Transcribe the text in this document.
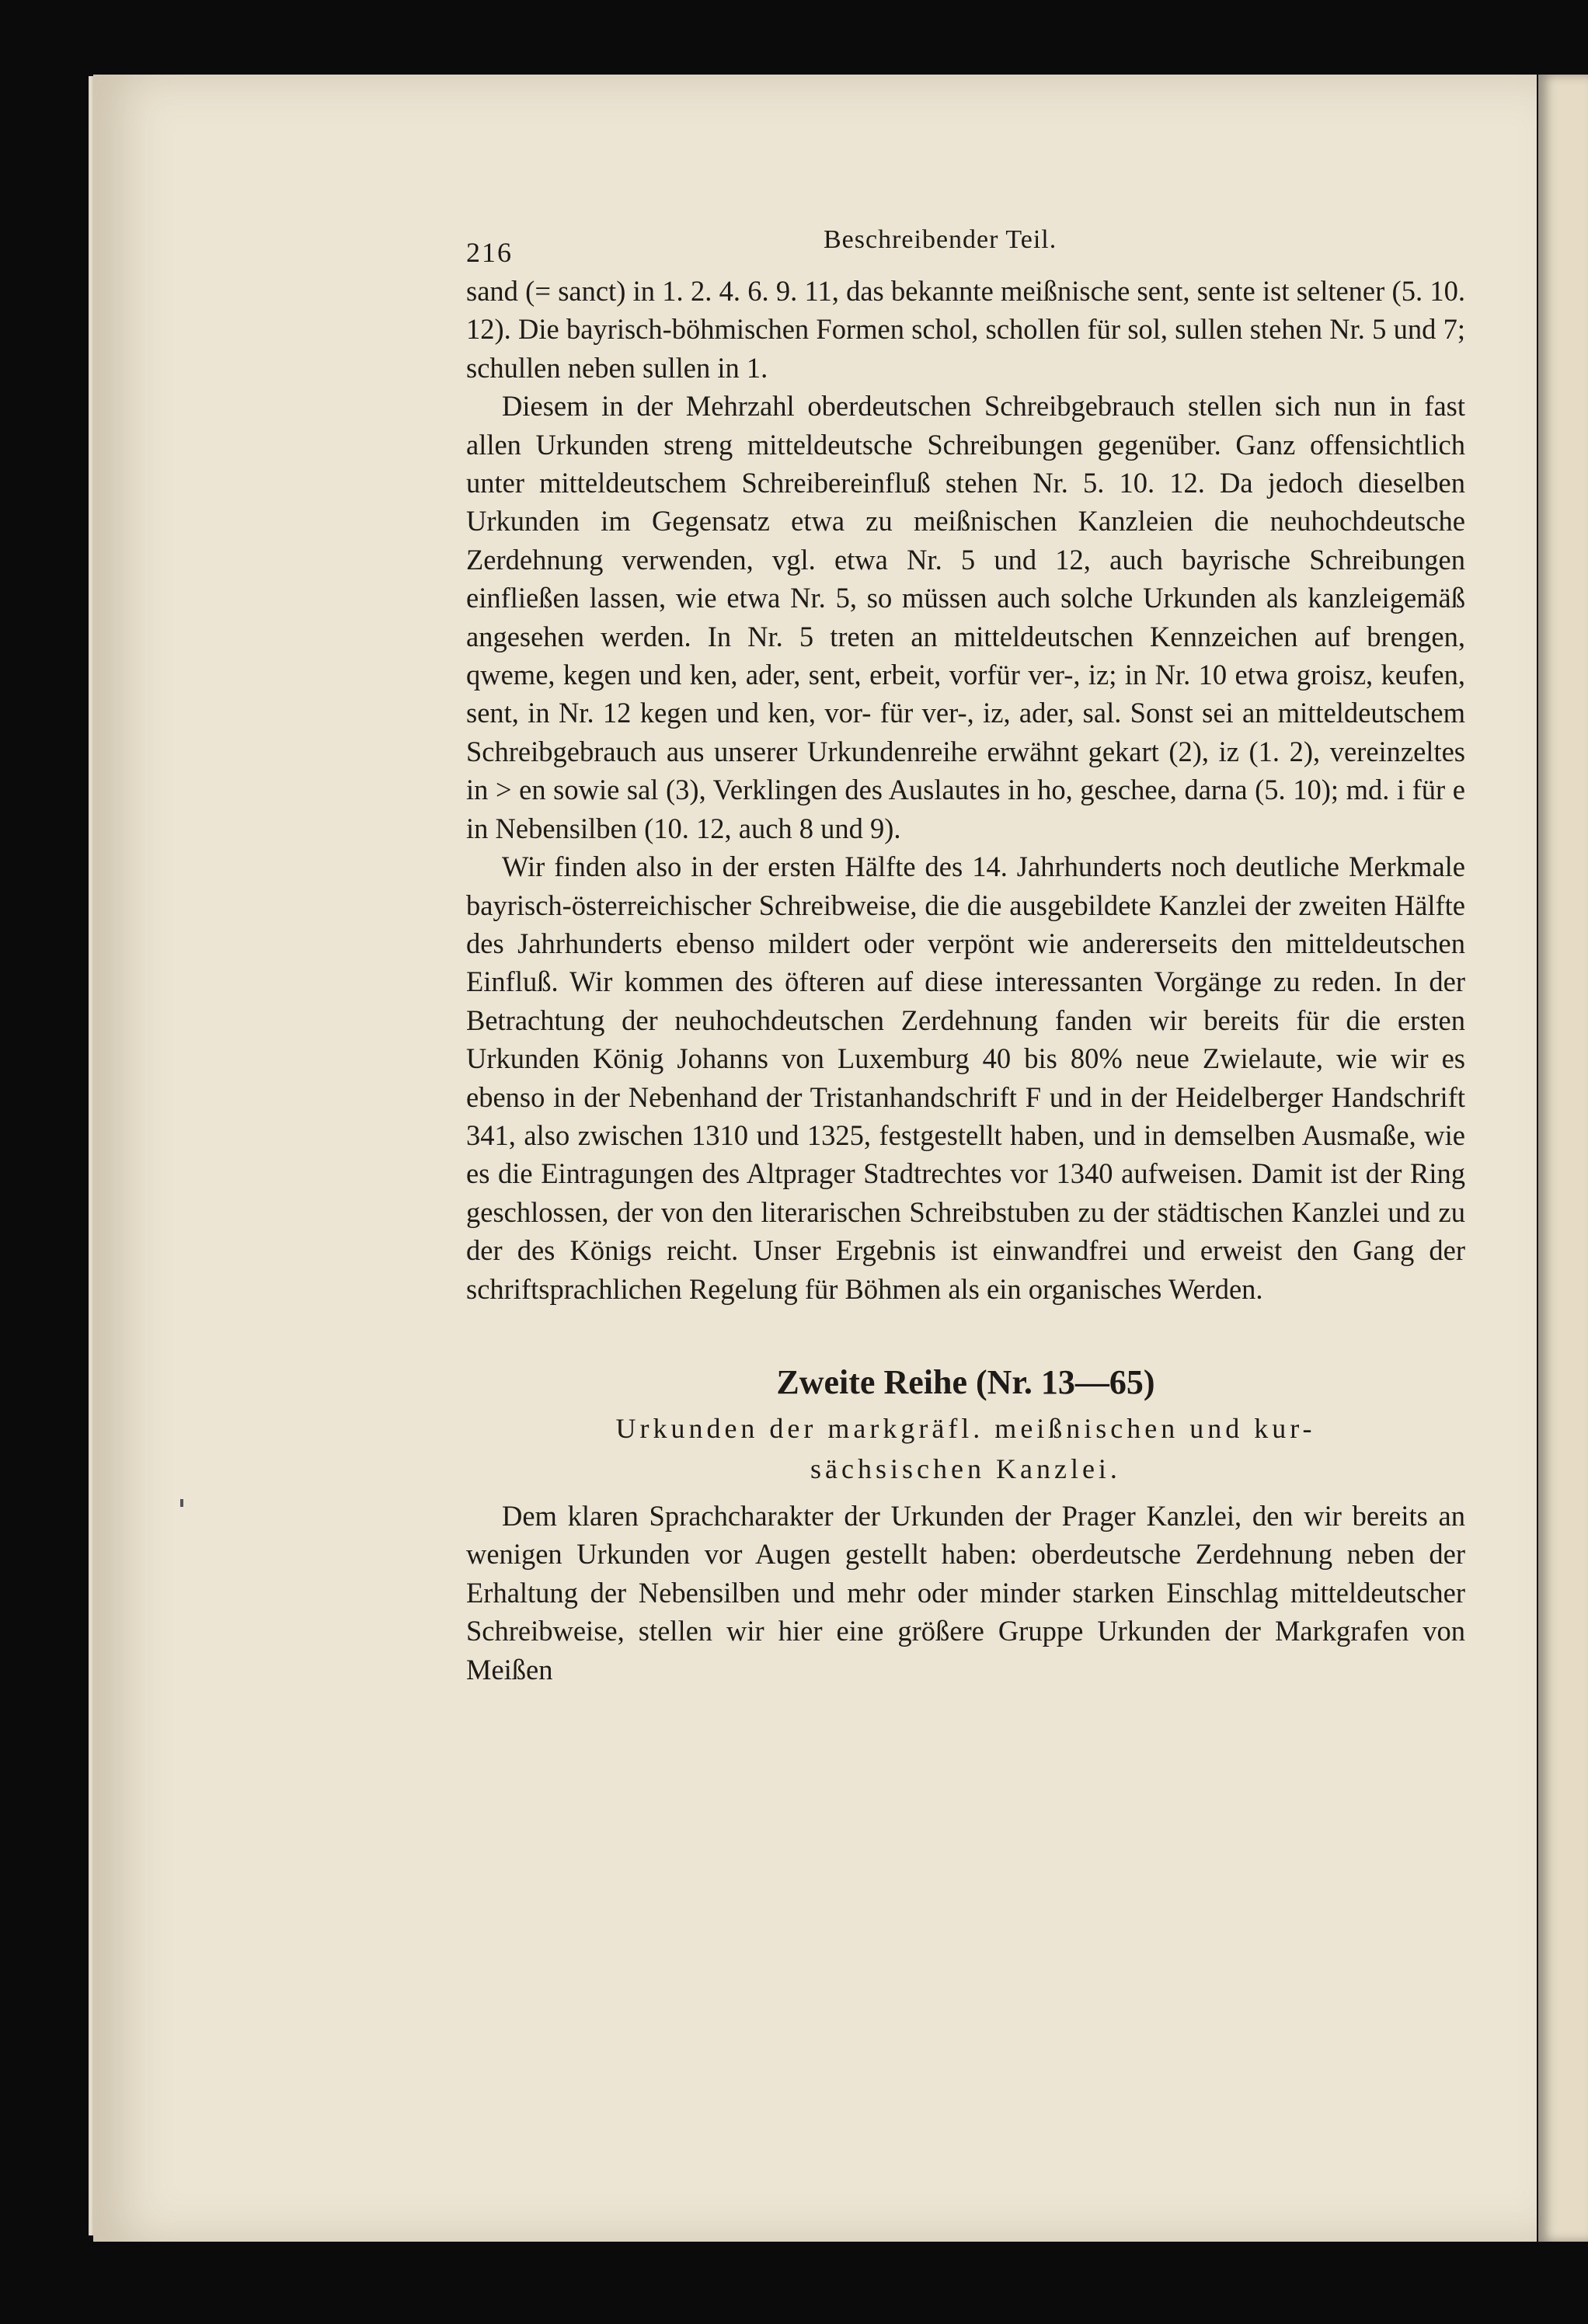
216	Beschreibender Teil.

sand (= sanct) in 1. 2. 4. 6. 9. 11, das bekannte meißnische sent, sente ist seltener (5. 10. 12). Die bayrisch-böhmischen Formen schol, schollen für sol, sullen stehen Nr. 5 und 7; schullen neben sullen in 1.

Diesem in der Mehrzahl oberdeutschen Schreibgebrauch stellen sich nun in fast allen Urkunden streng mitteldeutsche Schreibungen gegenüber. Ganz offensichtlich unter mitteldeutschem Schreibereinfluß stehen Nr. 5. 10. 12. Da jedoch dieselben Urkunden im Gegensatz etwa zu meißnischen Kanzleien die neuhochdeutsche Zerdehnung verwenden, vgl. etwa Nr. 5 und 12, auch bayrische Schreibungen einfließen lassen, wie etwa Nr. 5, so müssen auch solche Urkunden als kanzleigemäß angesehen werden. In Nr. 5 treten an mitteldeutschen Kennzeichen auf brengen, qweme, kegen und ken, ader, sent, erbeit, vorfür ver-, iz; in Nr. 10 etwa groisz, keufen, sent, in Nr. 12 kegen und ken, vor- für ver-, iz, ader, sal. Sonst sei an mitteldeutschem Schreibgebrauch aus unserer Urkundenreihe erwähnt gekart (2), iz (1. 2), vereinzeltes in > en sowie sal (3), Verklingen des Auslautes in ho, geschee, darna (5. 10); md. i für e in Nebensilben (10. 12, auch 8 und 9).

Wir finden also in der ersten Hälfte des 14. Jahrhunderts noch deutliche Merkmale bayrisch-österreichischer Schreibweise, die die ausgebildete Kanzlei der zweiten Hälfte des Jahrhunderts ebenso mildert oder verpönt wie andererseits den mitteldeutschen Einfluß. Wir kommen des öfteren auf diese interessanten Vorgänge zu reden. In der Betrachtung der neuhochdeutschen Zerdehnung fanden wir bereits für die ersten Urkunden König Johanns von Luxemburg 40 bis 80% neue Zwielaute, wie wir es ebenso in der Nebenhand der Tristanhandschrift F und in der Heidelberger Handschrift 341, also zwischen 1310 und 1325, festgestellt haben, und in demselben Ausmaße, wie es die Eintragungen des Altprager Stadtrechtes vor 1340 aufweisen. Damit ist der Ring geschlossen, der von den literarischen Schreibstuben zu der städtischen Kanzlei und zu der des Königs reicht. Unser Ergebnis ist einwandfrei und erweist den Gang der schriftsprachlichen Regelung für Böhmen als ein organisches Werden.

Zweite Reihe (Nr. 13—65)
Urkunden der markgräfl. meißnischen und kur-
sächsischen Kanzlei.

Dem klaren Sprachcharakter der Urkunden der Prager Kanzlei, den wir bereits an wenigen Urkunden vor Augen gestellt haben: oberdeutsche Zerdehnung neben der Erhaltung der Nebensilben und mehr oder minder starken Einschlag mitteldeutscher Schreibweise, stellen wir hier eine größere Gruppe Urkunden der Markgrafen von Meißen
